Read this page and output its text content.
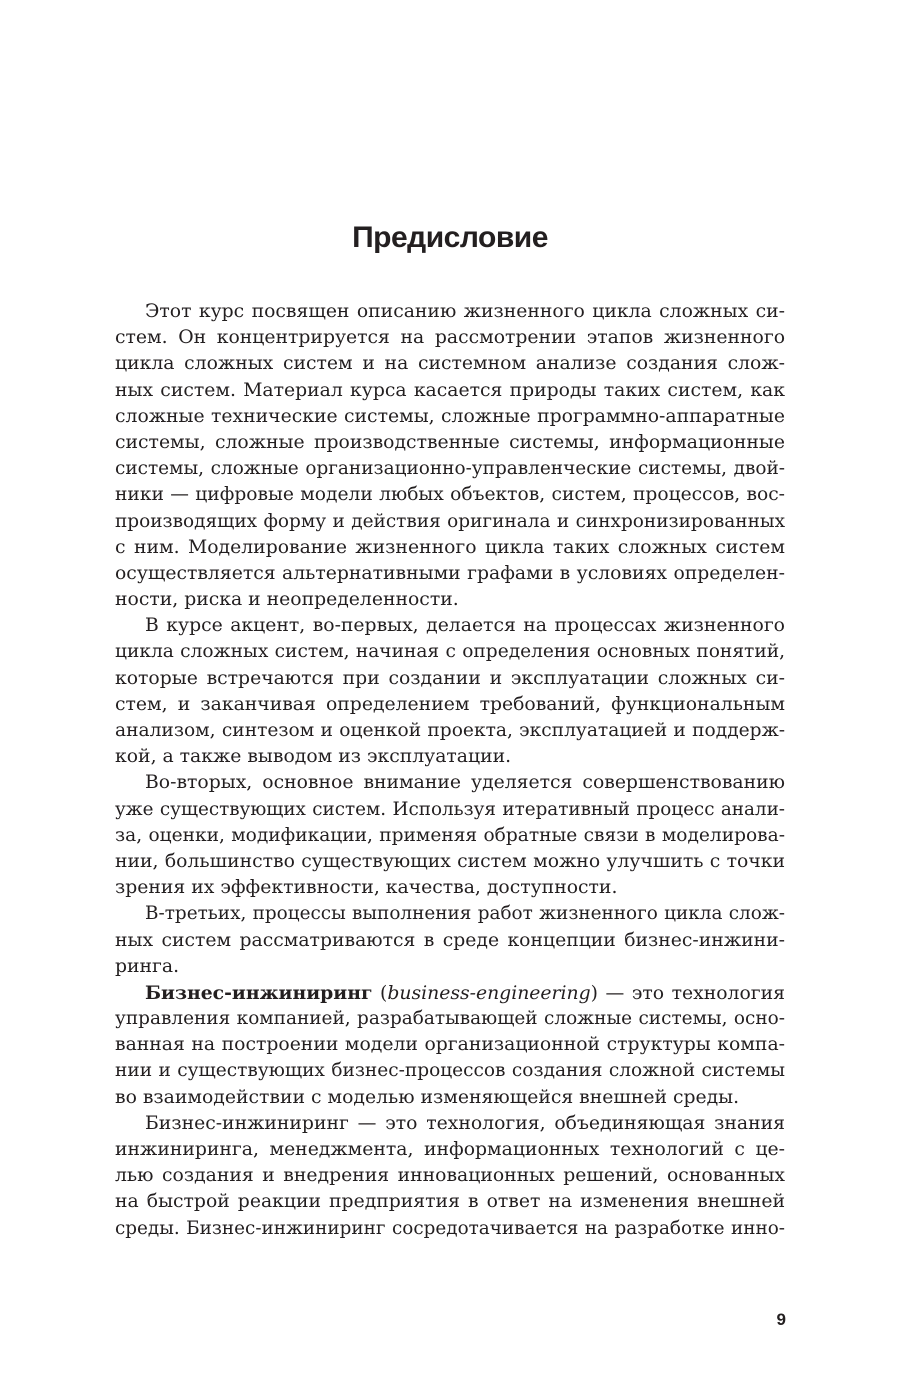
Предисловие

Этот курс посвящен описанию жизненного цикла сложных си-
стем. Он концентрируется на рассмотрении этапов жизненного
цикла сложных систем и на системном анализе создания слож-
ных систем. Материал курса касается природы таких систем, как
сложные технические системы, сложные программно-аппаратные
системы, сложные производственные системы, информационные
системы, сложные организационно-управленческие системы, двой-
ники — цифровые модели любых объектов, систем, процессов, вос-
производящих форму и действия оригинала и синхронизированных
с ним. Моделирование жизненного цикла таких сложных систем
осуществляется альтернативными графами в условиях определен-
ности, риска и неопределенности.

В курсе акцент, во-первых, делается на процессах жизненного
цикла сложных систем, начиная с определения основных понятий,
которые встречаются при создании и эксплуатации сложных си-
стем, и заканчивая определением требований, функциональным
анализом, синтезом и оценкой проекта, эксплуатацией и поддерж-
кой, а также выводом из эксплуатации.

Во-вторых, основное внимание уделяется совершенствованию
уже существующих систем. Используя итеративный процесс анали-
за, оценки, модификации, применяя обратные связи в моделирова-
нии, большинство существующих систем можно улучшить с точки
зрения их эффективности, качества, доступности.

В-третьих, процессы выполнения работ жизненного цикла слож-
ных систем рассматриваются в среде концепции бизнес-инжини-
ринга.

Бизнес-инжиниринг (business-engineering) — это технология
управления компанией, разрабатывающей сложные системы, осно-
ванная на построении модели организационной структуры компа-
нии и существующих бизнес-процессов создания сложной системы
во взаимодействии с моделью изменяющейся внешней среды.

Бизнес-инжиниринг — это технология, объединяющая знания
инжиниринга, менеджмента, информационных технологий с це-
лью создания и внедрения инновационных решений, основанных
на быстрой реакции предприятия в ответ на изменения внешней
среды. Бизнес-инжиниринг сосредотачивается на разработке инно-

9
